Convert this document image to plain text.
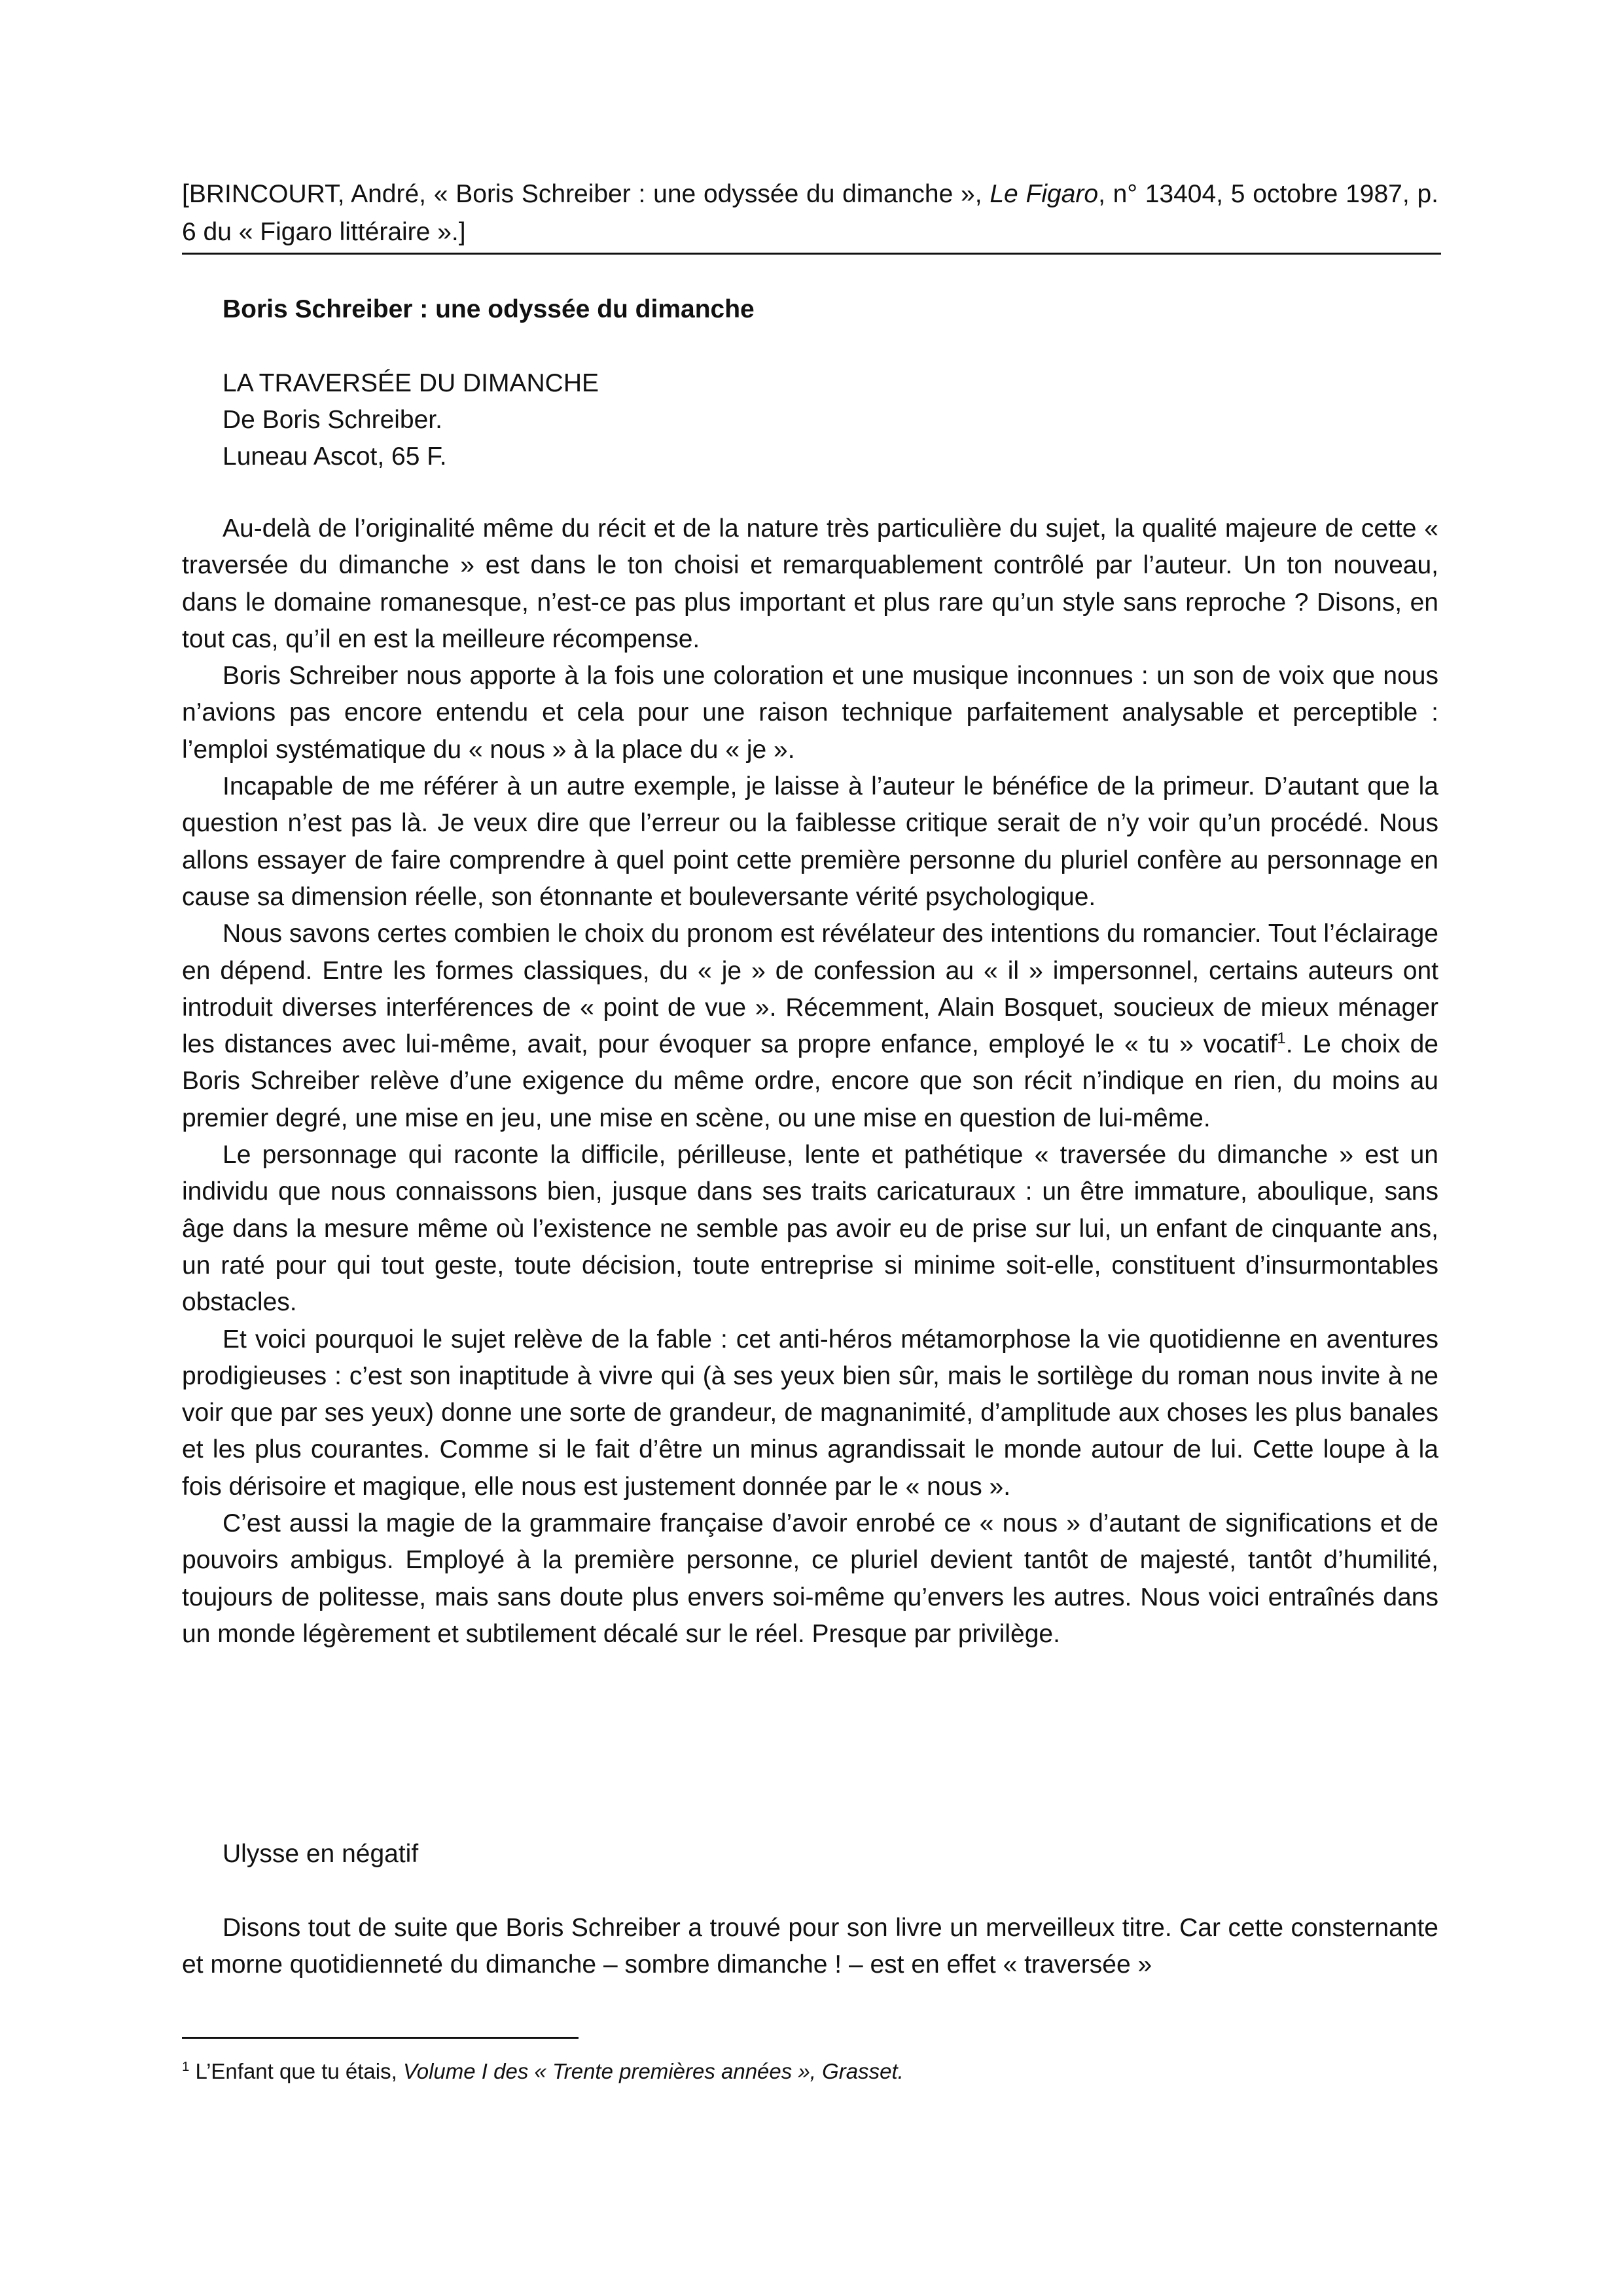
[BRINCOURT, André, « Boris Schreiber : une odyssée du dimanche », Le Figaro, n° 13404, 5 octobre 1987, p. 6 du « Figaro littéraire ».]
Boris Schreiber : une odyssée du dimanche
LA TRAVERSÉE DU DIMANCHE
De Boris Schreiber.
Luneau Ascot, 65 F.

Au-delà de l’originalité même du récit et de la nature très particulière du sujet, la qualité majeure de cette « traversée du dimanche » est dans le ton choisi et remarquablement contrôlé par l’auteur. Un ton nouveau, dans le domaine romanesque, n’est-ce pas plus important et plus rare qu’un style sans reproche ? Disons, en tout cas, qu’il en est la meilleure récompense.

Boris Schreiber nous apporte à la fois une coloration et une musique inconnues : un son de voix que nous n’avions pas encore entendu et cela pour une raison technique parfaitement analysable et perceptible : l’emploi systématique du « nous » à la place du « je ».

Incapable de me référer à un autre exemple, je laisse à l’auteur le bénéfice de la primeur. D’autant que la question n’est pas là. Je veux dire que l’erreur ou la faiblesse critique serait de n’y voir qu’un procédé. Nous allons essayer de faire comprendre à quel point cette première personne du pluriel confère au personnage en cause sa dimension réelle, son étonnante et bouleversante vérité psychologique.

Nous savons certes combien le choix du pronom est révélateur des intentions du romancier. Tout l’éclairage en dépend. Entre les formes classiques, du « je » de confession au « il » impersonnel, certains auteurs ont introduit diverses interférences de « point de vue ». Récemment, Alain Bosquet, soucieux de mieux ménager les distances avec lui-même, avait, pour évoquer sa propre enfance, employé le « tu » vocatif$^1$. Le choix de Boris Schreiber relève d’une exigence du même ordre, encore que son récit n’indique en rien, du moins au premier degré, une mise en jeu, une mise en scène, ou une mise en question de lui-même.

Le personnage qui raconte la difficile, périlleuse, lente et pathétique « traversée du dimanche » est un individu que nous connaissons bien, jusque dans ses traits caricaturaux : un être immature, aboulique, sans âge dans la mesure même où l’existence ne semble pas avoir eu de prise sur lui, un enfant de cinquante ans, un raté pour qui tout geste, toute décision, toute entreprise si minime soit-elle, constituent d’insurmontables obstacles.

Et voici pourquoi le sujet relève de la fable : cet anti-héros métamorphose la vie quotidienne en aventures prodigieuses : c’est son inaptitude à vivre qui (à ses yeux bien sûr, mais le sortilège du roman nous invite à ne voir que par ses yeux) donne une sorte de grandeur, de magnanimité, d’amplitude aux choses les plus banales et les plus courantes. Comme si le fait d’être un minus agrandissait le monde autour de lui. Cette loupe à la fois dérisoire et magique, elle nous est justement donnée par le « nous ».

C’est aussi la magie de la grammaire française d’avoir enrobé ce « nous » d’autant de significations et de pouvoirs ambigus. Employé à la première personne, ce pluriel devient tantôt de majesté, tantôt d’humilité, toujours de politesse, mais sans doute plus envers soi-même qu’envers les autres. Nous voici entraînés dans un monde légèrement et subtilement décalé sur le réel. Presque par privilège.

Ulysse en négatif

Disons tout de suite que Boris Schreiber a trouvé pour son livre un merveilleux titre. Car cette consternante et morne quotidienneté du dimanche – sombre dimanche ! – est en effet « traversée »

$^1$ L’Enfant que tu étais, Volume I des « Trente premières années », Grasset.
